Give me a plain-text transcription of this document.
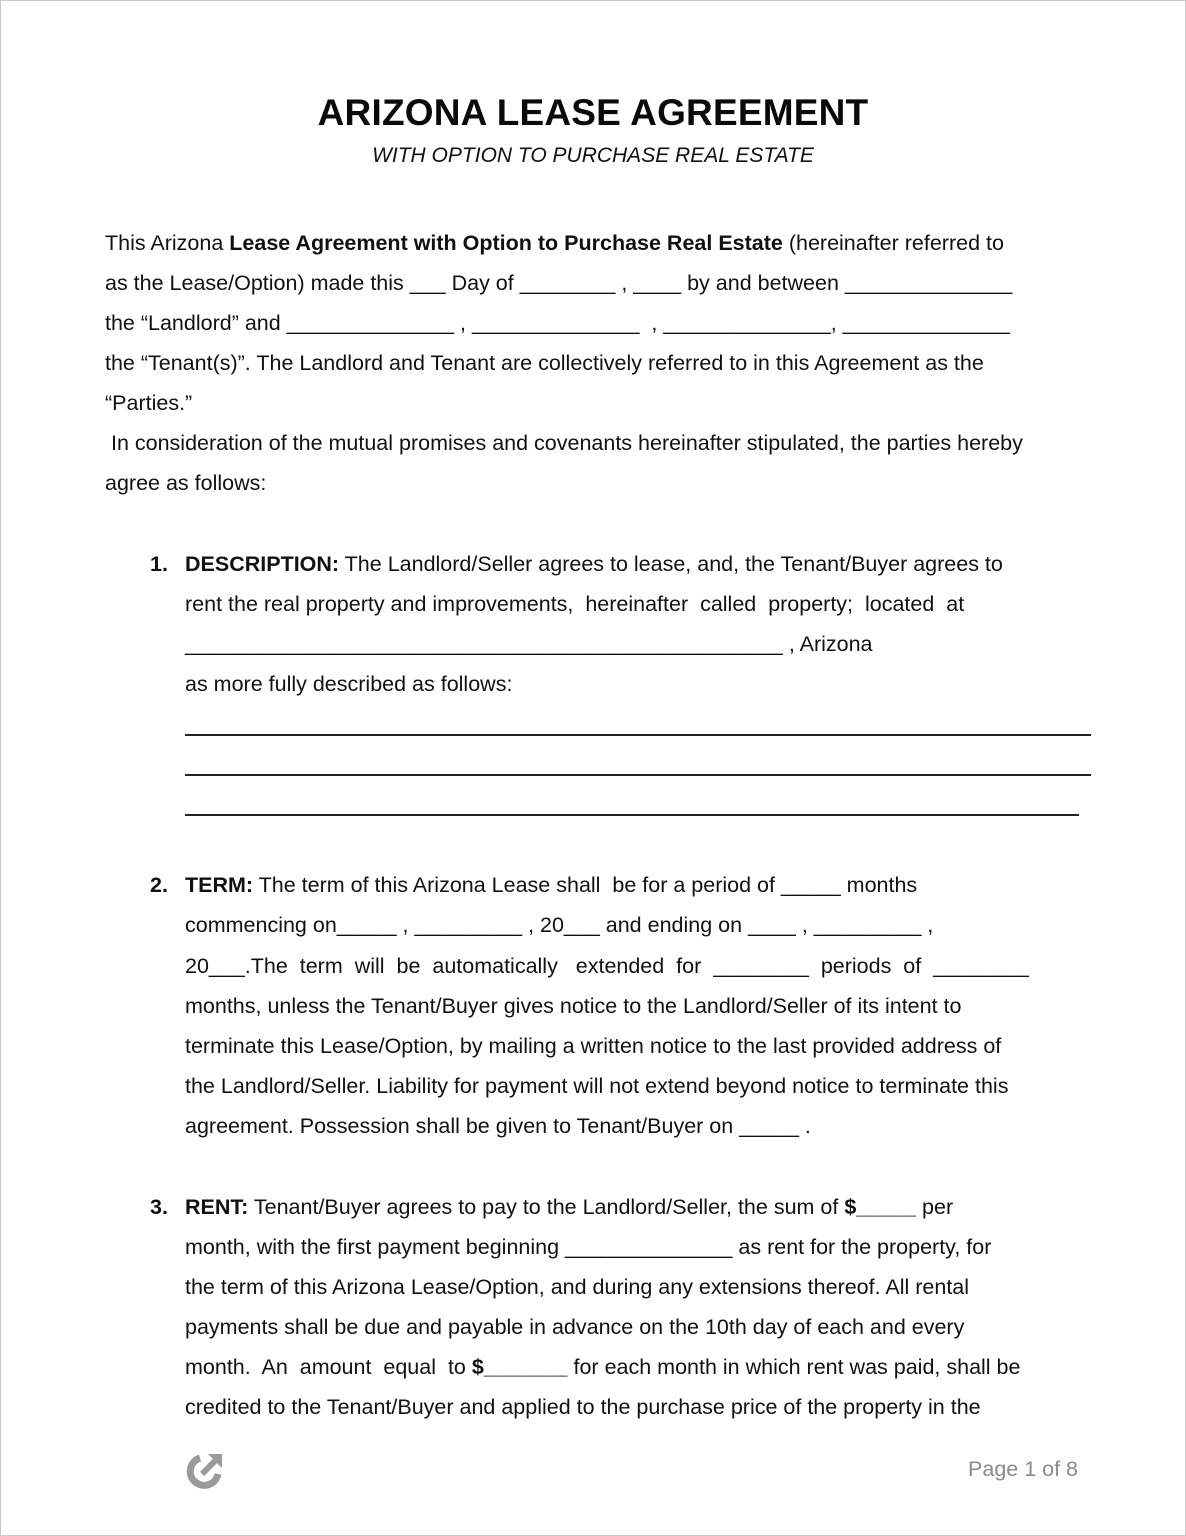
ARIZONA LEASE AGREEMENT
WITH OPTION TO PURCHASE REAL ESTATE
This Arizona Lease Agreement with Option to Purchase Real Estate (hereinafter referred to
as the Lease/Option) made this ___ Day of ________ , ____ by and between ______________
the “Landlord” and ______________ , ______________  , ______________, ______________
the “Tenant(s)”. The Landlord and Tenant are collectively referred to in this Agreement as the
“Parties.”
In consideration of the mutual promises and covenants hereinafter stipulated, the parties hereby
agree as follows:
1. DESCRIPTION: The Landlord/Seller agrees to lease, and, the Tenant/Buyer agrees to
rent the real property and improvements,  hereinafter  called  property;  located  at
__________________________________________________ , Arizona
as more fully described as follows:
2. TERM: The term of this Arizona Lease shall  be for a period of _____ months
commencing on_____ , _________ , 20___ and ending on ____ , _________ ,
20___.The  term  will  be  automatically   extended  for  ________  periods  of  ________
months, unless the Tenant/Buyer gives notice to the Landlord/Seller of its intent to
terminate this Lease/Option, by mailing a written notice to the last provided address of
the Landlord/Seller. Liability for payment will not extend beyond notice to terminate this
agreement. Possession shall be given to Tenant/Buyer on _____ .
3. RENT: Tenant/Buyer agrees to pay to the Landlord/Seller, the sum of $_____ per
month, with the first payment beginning ______________ as rent for the property, for
the term of this Arizona Lease/Option, and during any extensions thereof. All rental
payments shall be due and payable in advance on the 10th day of each and every
month.  An  amount  equal  to $_______ for each month in which rent was paid, shall be
credited to the Tenant/Buyer and applied to the purchase price of the property in the
Page 1 of 8
